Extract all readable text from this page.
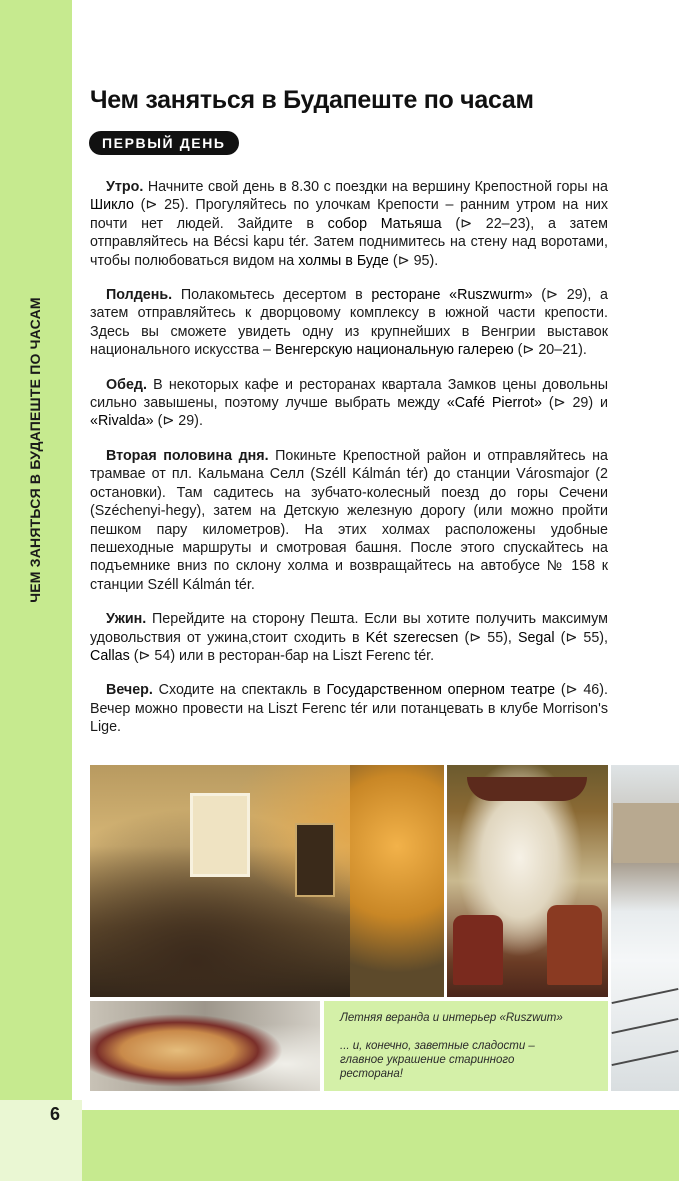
ЧЕМ ЗАНЯТЬСЯ В БУДАПЕШТЕ ПО ЧАСАМ
6
Чем заняться в Будапеште по часам
ПЕРВЫЙ ДЕНЬ

Утро. Начните свой день в 8.30 с поездки на вершину Крепостной горы на Шикло (⊳ 25). Прогуляйтесь по улочкам Крепости – ранним утром на них почти нет людей. Зайдите в собор Матьяша (⊳ 22–23), а затем отправляйтесь на Bécsi kapu tér. Затем поднимитесь на стену над воротами, чтобы полюбоваться видом на холмы в Буде (⊳ 95).

Полдень. Полакомьтесь десертом в ресторане «Ruszwurm» (⊳ 29), а затем отправляйтесь к дворцовому комплексу в южной части крепости. Здесь вы сможете увидеть одну из крупнейших в Венгрии выставок национального искусства – Венгерскую национальную галерею (⊳ 20–21).

Обед. В некоторых кафе и ресторанах квартала Замков цены довольны сильно завышены, поэтому лучше выбрать между «Café Pierrot» (⊳ 29) и «Rivalda» (⊳ 29).

Вторая половина дня. Покиньте Крепостной район и отправляйтесь на трамвае от пл. Кальмана Селл (Széll Kálmán tér) до станции Városmajor (2 остановки). Там садитесь на зубчато-колесный поезд до горы Сечени (Széchenyi-hegy), затем на Детскую железную дорогу (или можно пройти пешком пару километров). На этих холмах расположены удобные пешеходные маршруты и смотровая башня. После этого спускайтесь на подъемнике вниз по склону холма и возвращайтесь на автобусе № 158 к станции Széll Kálmán tér.

Ужин. Перейдите на сторону Пешта. Если вы хотите получить максимум удовольствия от ужина,стоит сходить в Két szerecsen (⊳ 55), Segal (⊳ 55), Callas (⊳ 54) или в ресторан-бар на Liszt Ferenc tér.

Вечер. Сходите на спектакль в Государственном оперном театре (⊳ 46). Вечер можно провести на Liszt Ferenc tér или потанцевать в клубе Morrison's Lige.

Летняя веранда и интерьер «Ruszwum»

... и, конечно, заветные сладости – главное украшение старинного ресторана!
